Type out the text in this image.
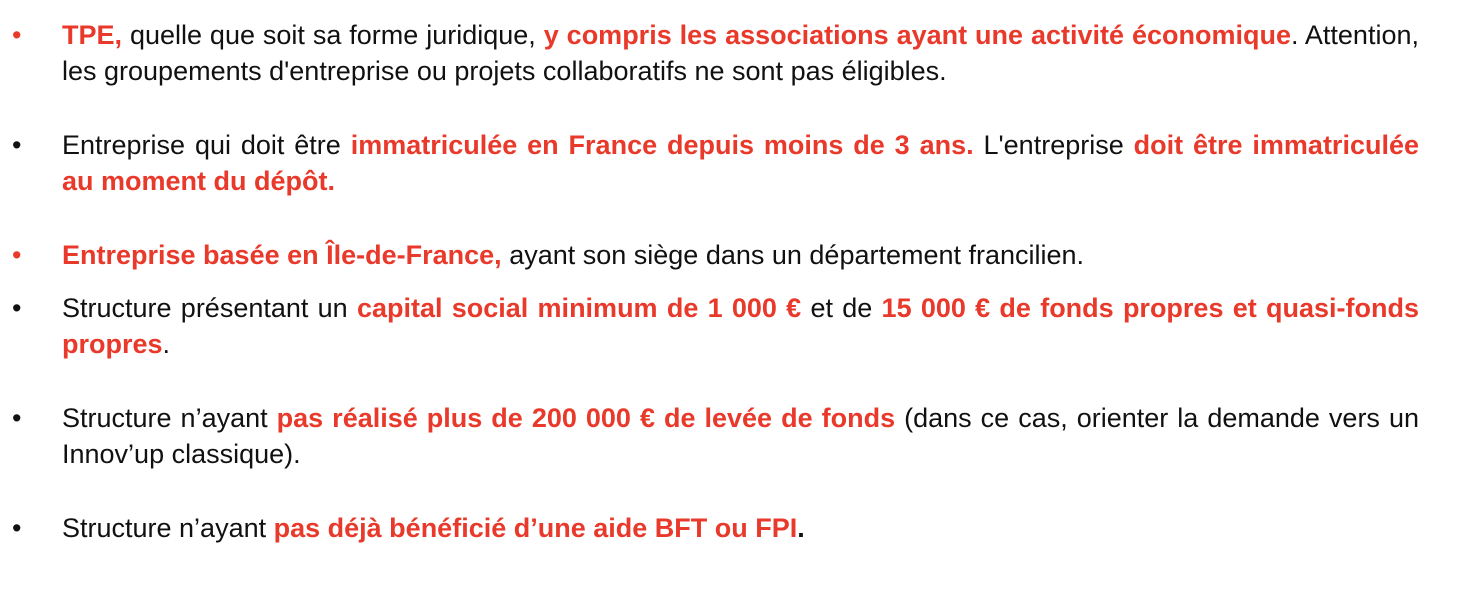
• TPE, quelle que soit sa forme juridique, y compris les associations ayant une activité économique. Attention, les groupements d'entreprise ou projets collaboratifs ne sont pas éligibles.
• Entreprise qui doit être immatriculée en France depuis moins de 3 ans. L'entreprise doit être immatriculée au moment du dépôt.
• Entreprise basée en Île-de-France, ayant son siège dans un département francilien.
• Structure présentant un capital social minimum de 1 000 € et de 15 000 € de fonds propres et quasi-fonds propres.
• Structure n’ayant pas réalisé plus de 200 000 € de levée de fonds (dans ce cas, orienter la demande vers un Innov’up classique).
• Structure n’ayant pas déjà bénéficié d’une aide BFT ou FPI.
